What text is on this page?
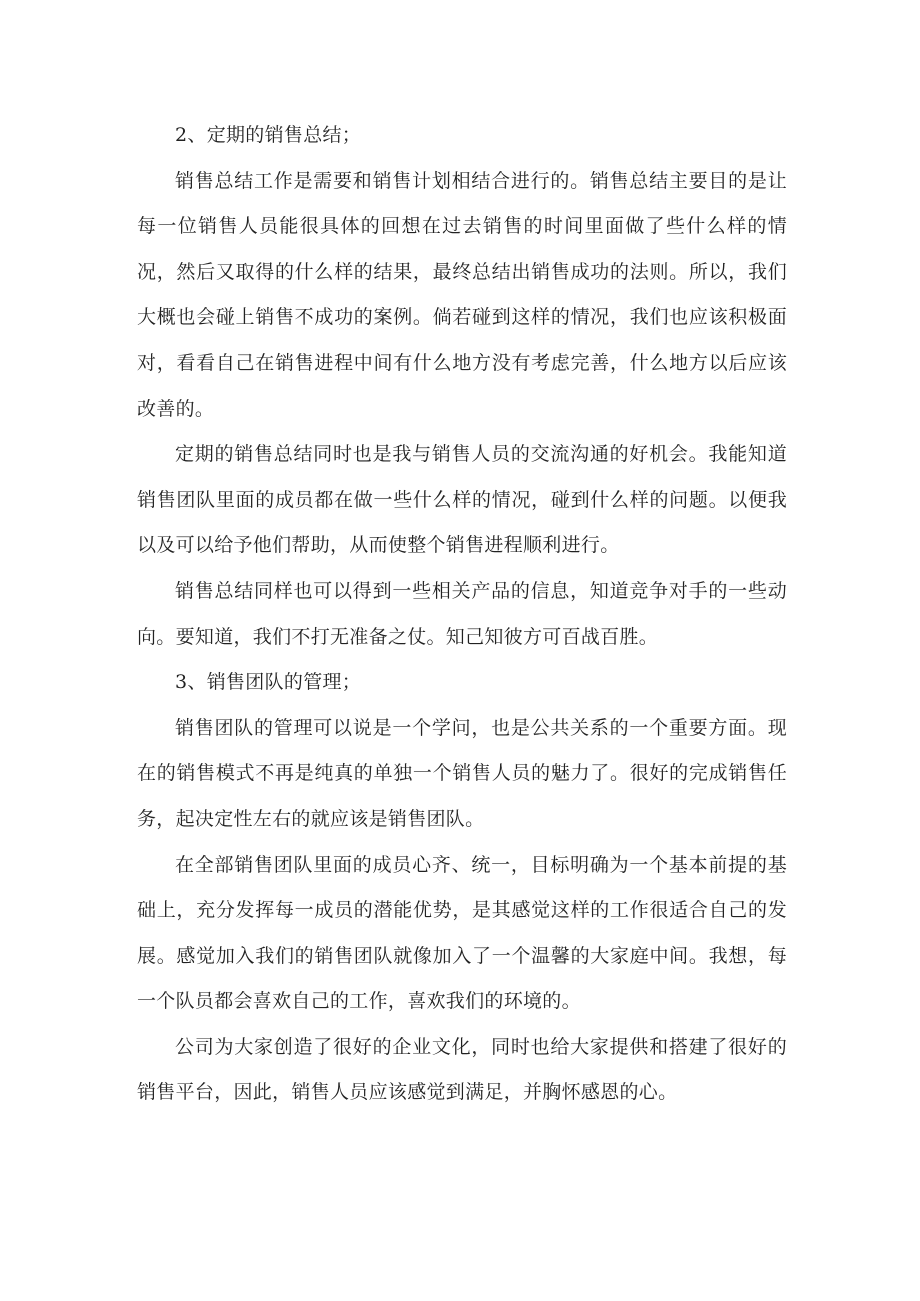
2、定期的销售总结；

销售总结工作是需要和销售计划相结合进行的。销售总结主要目的是让每一位销售人员能很具体的回想在过去销售的时间里面做了些什么样的情况，然后又取得的什么样的结果，最终总结出销售成功的法则。所以，我们大概也会碰上销售不成功的案例。倘若碰到这样的情况，我们也应该积极面对，看看自己在销售进程中间有什么地方没有考虑完善，什么地方以后应该改善的。

定期的销售总结同时也是我与销售人员的交流沟通的好机会。我能知道销售团队里面的成员都在做一些什么样的情况，碰到什么样的问题。以便我以及可以给予他们帮助，从而使整个销售进程顺利进行。

销售总结同样也可以得到一些相关产品的信息，知道竞争对手的一些动向。要知道，我们不打无准备之仗。知己知彼方可百战百胜。

3、销售团队的管理；

销售团队的管理可以说是一个学问，也是公共关系的一个重要方面。现在的销售模式不再是纯真的单独一个销售人员的魅力了。很好的完成销售任务，起决定性左右的就应该是销售团队。

在全部销售团队里面的成员心齐、统一，目标明确为一个基本前提的基础上，充分发挥每一成员的潜能优势，是其感觉这样的工作很适合自己的发展。感觉加入我们的销售团队就像加入了一个温馨的大家庭中间。我想，每一个队员都会喜欢自己的工作，喜欢我们的环境的。

公司为大家创造了很好的企业文化，同时也给大家提供和搭建了很好的销售平台，因此，销售人员应该感觉到满足，并胸怀感恩的心。
